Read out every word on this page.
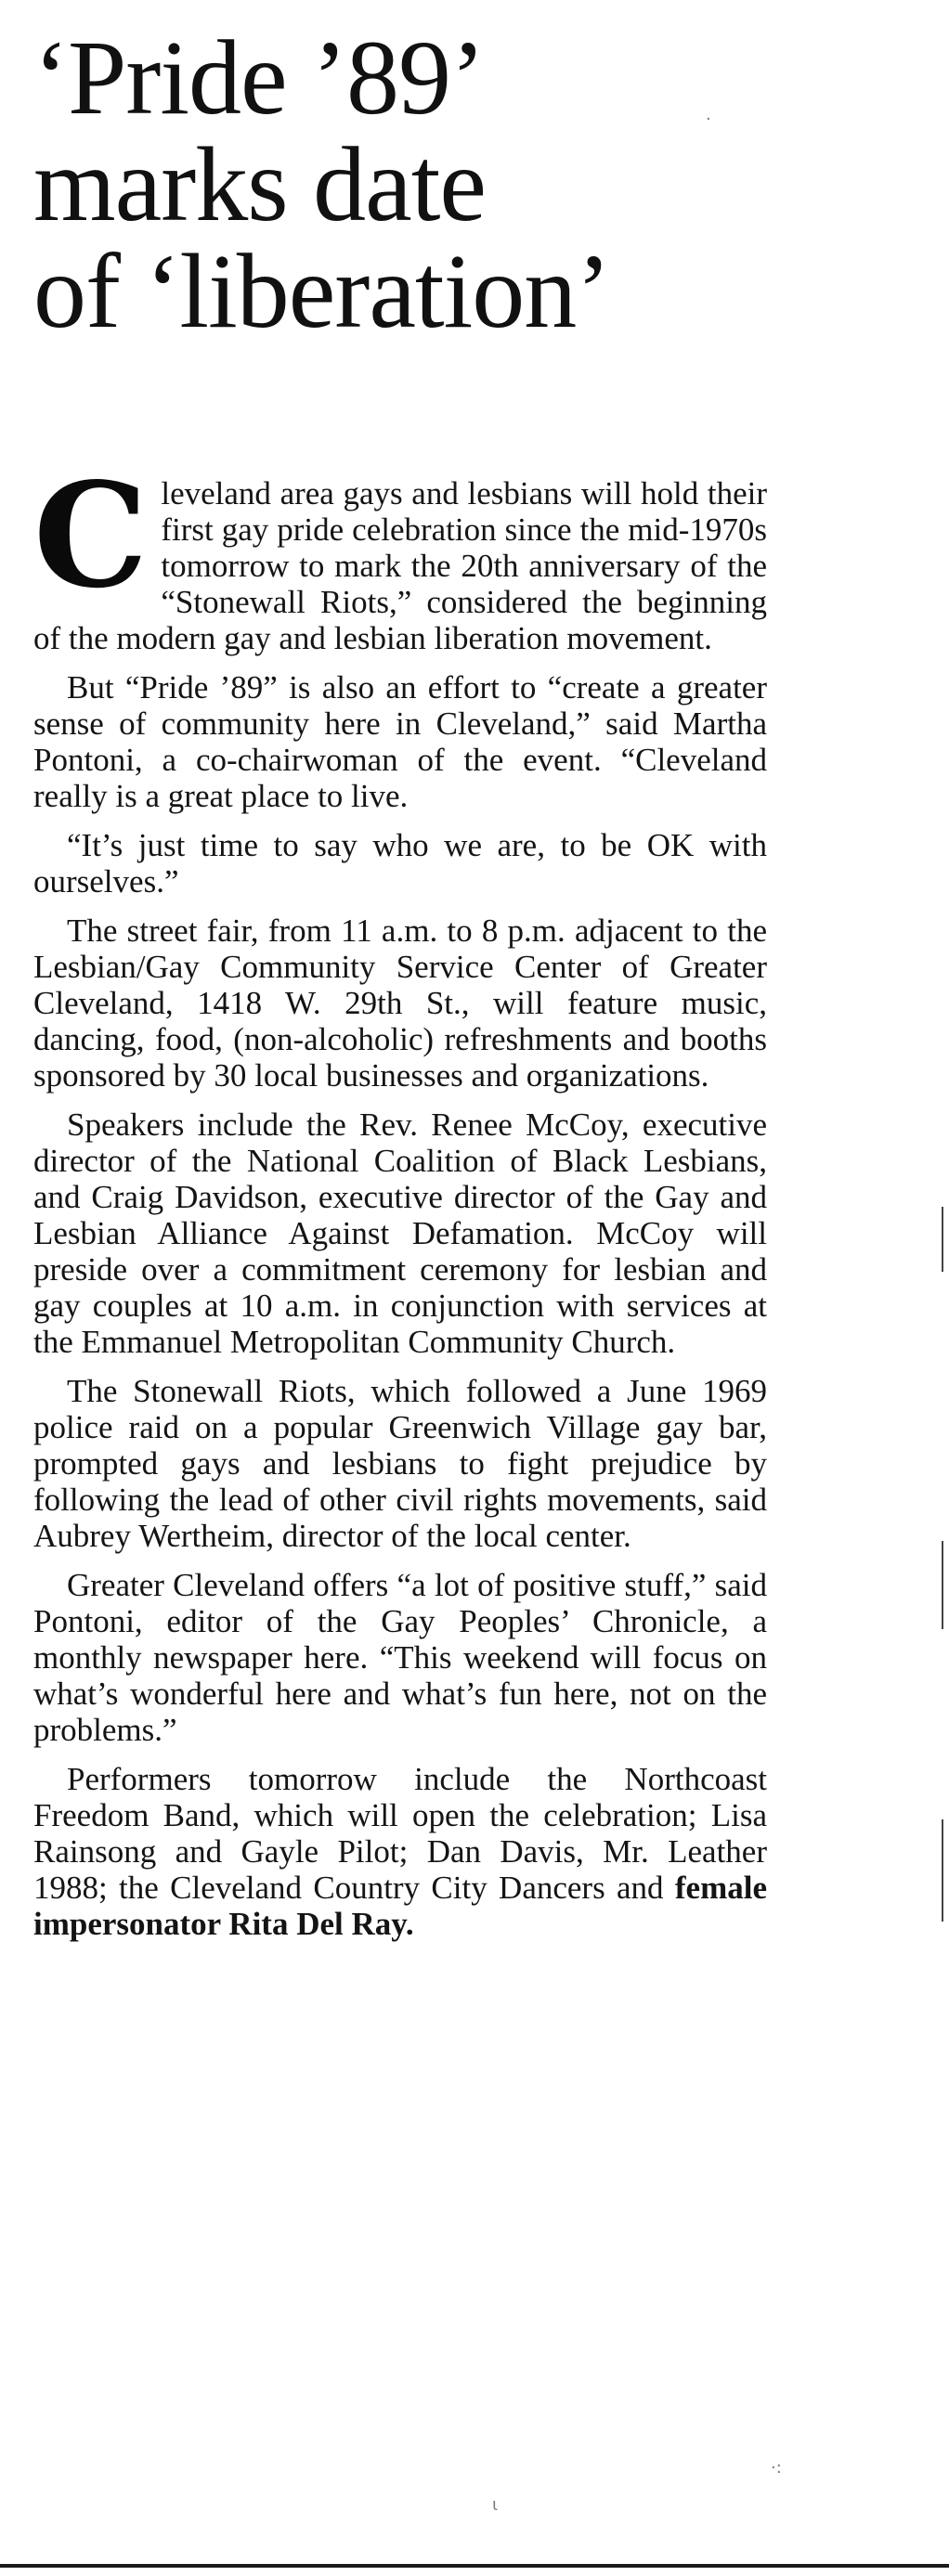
‘Pride ’89’
marks date
of ‘liberation’

Cleveland area gays and lesbians will hold their first gay pride celebration since the mid-1970s tomorrow to mark the 20th anniversary of the “Stonewall Riots,” considered the beginning of the modern gay and lesbian liberation movement.

But “Pride ’89” is also an effort to “create a greater sense of community here in Cleveland,” said Martha Pontoni, a co-chairwoman of the event. “Cleveland really is a great place to live.

“It’s just time to say who we are, to be OK with ourselves.”

The street fair, from 11 a.m. to 8 p.m. adjacent to the Lesbian/Gay Community Service Center of Greater Cleveland, 1418 W. 29th St., will feature music, dancing, food, (non-alcoholic) refreshments and booths sponsored by 30 local businesses and organizations.

Speakers include the Rev. Renee McCoy, executive director of the National Coalition of Black Lesbians, and Craig Davidson, executive director of the Gay and Lesbian Alliance Against Defamation. McCoy will preside over a commitment ceremony for lesbian and gay couples at 10 a.m. in conjunction with services at the Emmanuel Metropolitan Community Church.

The Stonewall Riots, which followed a June 1969 police raid on a popular Greenwich Village gay bar, prompted gays and lesbians to fight prejudice by following the lead of other civil rights movements, said Aubrey Wertheim, director of the local center.

Greater Cleveland offers “a lot of positive stuff,” said Pontoni, editor of the Gay Peoples’ Chronicle, a monthly newspaper here. “This weekend will focus on what’s wonderful here and what’s fun here, not on the problems.”

Performers tomorrow include the Northcoast Freedom Band, which will open the celebration; Lisa Rainsong and Gayle Pilot; Dan Davis, Mr. Leather 1988; the Cleveland Country City Dancers and female impersonator Rita Del Ray.

·
ɩ
·:
